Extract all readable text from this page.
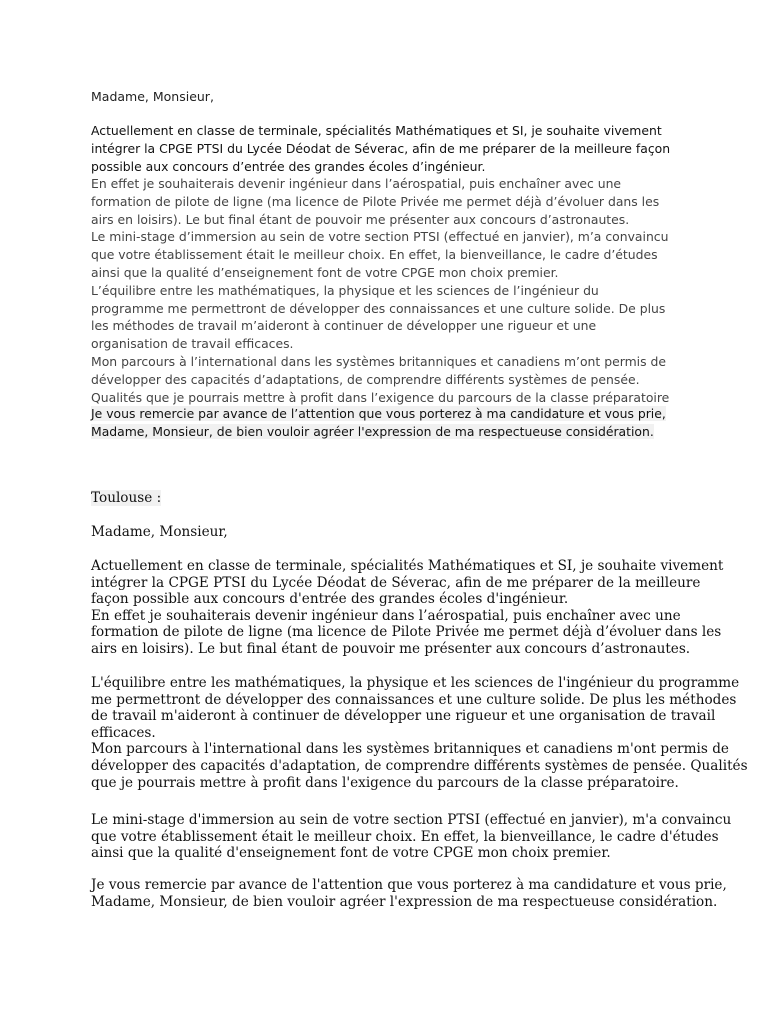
Madame, Monsieur,
Actuellement en classe de terminale, spécialités Mathématiques et SI, je souhaite vivement
intégrer la CPGE PTSI du Lycée Déodat de Séverac, afin de me préparer de la meilleure façon
possible aux concours d’entrée des grandes écoles d’ingénieur.
En effet je souhaiterais devenir ingénieur dans l’aérospatial, puis enchaîner avec une
formation de pilote de ligne (ma licence de Pilote Privée me permet déjà d’évoluer dans les
airs en loisirs). Le but final étant de pouvoir me présenter aux concours d’astronautes.
Le mini-stage d’immersion au sein de votre section PTSI (effectué en janvier), m’a convaincu
que votre établissement était le meilleur choix. En effet, la bienveillance, le cadre d’études
ainsi que la qualité d’enseignement font de votre CPGE mon choix premier.
L’équilibre entre les mathématiques, la physique et les sciences de l’ingénieur du
programme me permettront de développer des connaissances et une culture solide. De plus
les méthodes de travail m’aideront à continuer de développer une rigueur et une
organisation de travail efficaces.
Mon parcours à l’international dans les systèmes britanniques et canadiens m’ont permis de
développer des capacités d’adaptations, de comprendre différents systèmes de pensée.
Qualités que je pourrais mettre à profit dans l’exigence du parcours de la classe préparatoire
Je vous remercie par avance de l’attention que vous porterez à ma candidature et vous prie,
Madame, Monsieur, de bien vouloir agréer l'expression de ma respectueuse considération.
Toulouse :
Madame, Monsieur,
Actuellement en classe de terminale, spécialités Mathématiques et SI, je souhaite vivement
intégrer la CPGE PTSI du Lycée Déodat de Séverac, afin de me préparer de la meilleure
façon possible aux concours d'entrée des grandes écoles d'ingénieur.
En effet je souhaiterais devenir ingénieur dans l’aérospatial, puis enchaîner avec une
formation de pilote de ligne (ma licence de Pilote Privée me permet déjà d’évoluer dans les
airs en loisirs). Le but final étant de pouvoir me présenter aux concours d’astronautes.
L'équilibre entre les mathématiques, la physique et les sciences de l'ingénieur du programme
me permettront de développer des connaissances et une culture solide. De plus les méthodes
de travail m'aideront à continuer de développer une rigueur et une organisation de travail
efficaces.
Mon parcours à l'international dans les systèmes britanniques et canadiens m'ont permis de
développer des capacités d'adaptation, de comprendre différents systèmes de pensée. Qualités
que je pourrais mettre à profit dans l'exigence du parcours de la classe préparatoire.
Le mini-stage d'immersion au sein de votre section PTSI (effectué en janvier), m'a convaincu
que votre établissement était le meilleur choix. En effet, la bienveillance, le cadre d'études
ainsi que la qualité d'enseignement font de votre CPGE mon choix premier.
Je vous remercie par avance de l'attention que vous porterez à ma candidature et vous prie,
Madame, Monsieur, de bien vouloir agréer l'expression de ma respectueuse considération.
